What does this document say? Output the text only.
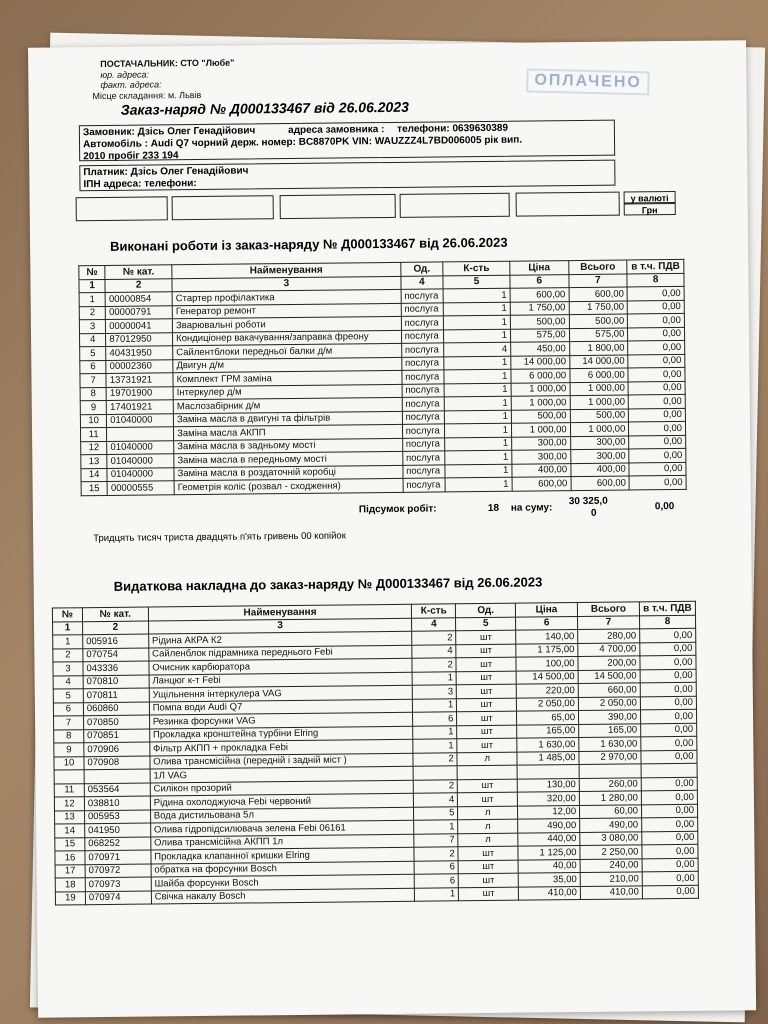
ПОСТАЧАЛЬНИК: СТО "Любе"
юр. адреса:
факт. адреса:
Місце складання: м. Львів
ОПЛАЧЕНО
Заказ-наряд № Д000133467 від 26.06.2023
Замовник: Дзісь Олег Генадійович	адреса замовника : телефони: 0639630389
Автомобіль : Audi Q7 чорний держ. номер: BC8870PK VIN: WAUZZZ4L7BD006005 рік вип.
2010 пробіг 233 194
Платник: Дзісь Олег Генадійович
ІПН адреса: телефони:
у валюті
Грн
Виконані роботи із заказ-наряду № Д000133467 від 26.06.2023
№	№ кат.	Найменування	Од.	К-сть	Ціна	Всього	в т.ч. ПДВ
1	2	3	4	5	6	7	8
1	00000854	Стартер профілактика	послуга	1	600,00	600,00	0,00
2	00000791	Генератор ремонт	послуга	1	1 750,00	1 750,00	0,00
3	00000041	Зварювальні роботи	послуга	1	500,00	500,00	0,00
4	87012950	Кондиціонер вакачування/заправка фреону	послуга	1	575,00	575,00	0,00
5	40431950	Сайлентблоки передньої балки д/м	послуга	4	450,00	1 800,00	0,00
6	00002360	Двигун д/м	послуга	1	14 000,00	14 000,00	0,00
7	13731921	Комплект ГРМ заміна	послуга	1	6 000,00	6 000,00	0,00
8	19701900	Інтеркулер д/м	послуга	1	1 000,00	1 000,00	0,00
9	17401921	Маслозабірник д/м	послуга	1	1 000,00	1 000,00	0,00
10	01040000	Заміна масла в двигуні та фільтрів	послуга	1	500,00	500,00	0,00
11		Заміна масла АКПП	послуга	1	1 000,00	1 000,00	0,00
12	01040000	Заміна масла в задньому мості	послуга	1	300,00	300,00	0,00
13	01040000	Заміна масла в передньому мості	послуга	1	300,00	300,00	0,00
14	01040000	Заміна масла в роздаточній коробці	послуга	1	400,00	400,00	0,00
15	00000555	Геометрія коліс (розвал - сходження)	послуга	1	600,00	600,00	0,00
Підсумок робіт:	18 на суму:
30 325,0
0
0,00
Тридцять тисяч триста двадцять п'ять гривень 00 копійок
Видаткова накладна до заказ-наряду № Д000133467 від 26.06.2023
№	№ кат.	Найменування	К-сть	Од.	Ціна	Всього	в т.ч. ПДВ
1	2	3	4	5	6	7	8
1	005916	Рідина АКРА К2	2	шт	140,00	280,00	0,00
2	070754	Сайленблок підрамника переднього Febi	4	шт	1 175,00	4 700,00	0,00
3	043336	Очисник карбюратора	2	шт	100,00	200,00	0,00
4	070810	Ланцюг к-т Febi	1	шт	14 500,00	14 500,00	0,00
5	070811	Ущільнення інтеркулера VAG	3	шт	220,00	660,00	0,00
6	060860	Помпа води Audi Q7	1	шт	2 050,00	2 050,00	0,00
7	070850	Резинка форсунки VAG	6	шт	65,00	390,00	0,00
8	070851	Прокладка кронштейна турбіни Elring	1	шт	165,00	165,00	0,00
9	070906	Фільтр АКПП + прокладка Febi	1	шт	1 630,00	1 630,00	0,00
10	070908	Олива трансмісійна (передній і задній міст )	2	л	1 485,00	2 970,00	0,00
		1Л VAG					
11	053564	Силікон прозорий	2	шт	130,00	260,00	0,00
12	038810	Рідина охолоджуюча Febi червоний	4	шт	320,00	1 280,00	0,00
13	005953	Вода дистильована 5л	5	л	12,00	60,00	0,00
14	041950	Олива гідропідсилювача зелена Febi 06161	1	л	490,00	490,00	0,00
15	068252	Олива трансмісійна АКПП 1л	7	л	440,00	3 080,00	0,00
16	070971	Прокладка клапанної кришки Elring	2	шт	1 125,00	2 250,00	0,00
17	070972	обратка на форсунки Bosch	6	шт	40,00	240,00	0,00
18	070973	Шайба форсунки Bosch	6	шт	35,00	210,00	0,00
19	070974	Свічка накалу Bosch	1	шт	410,00	410,00	0,00
